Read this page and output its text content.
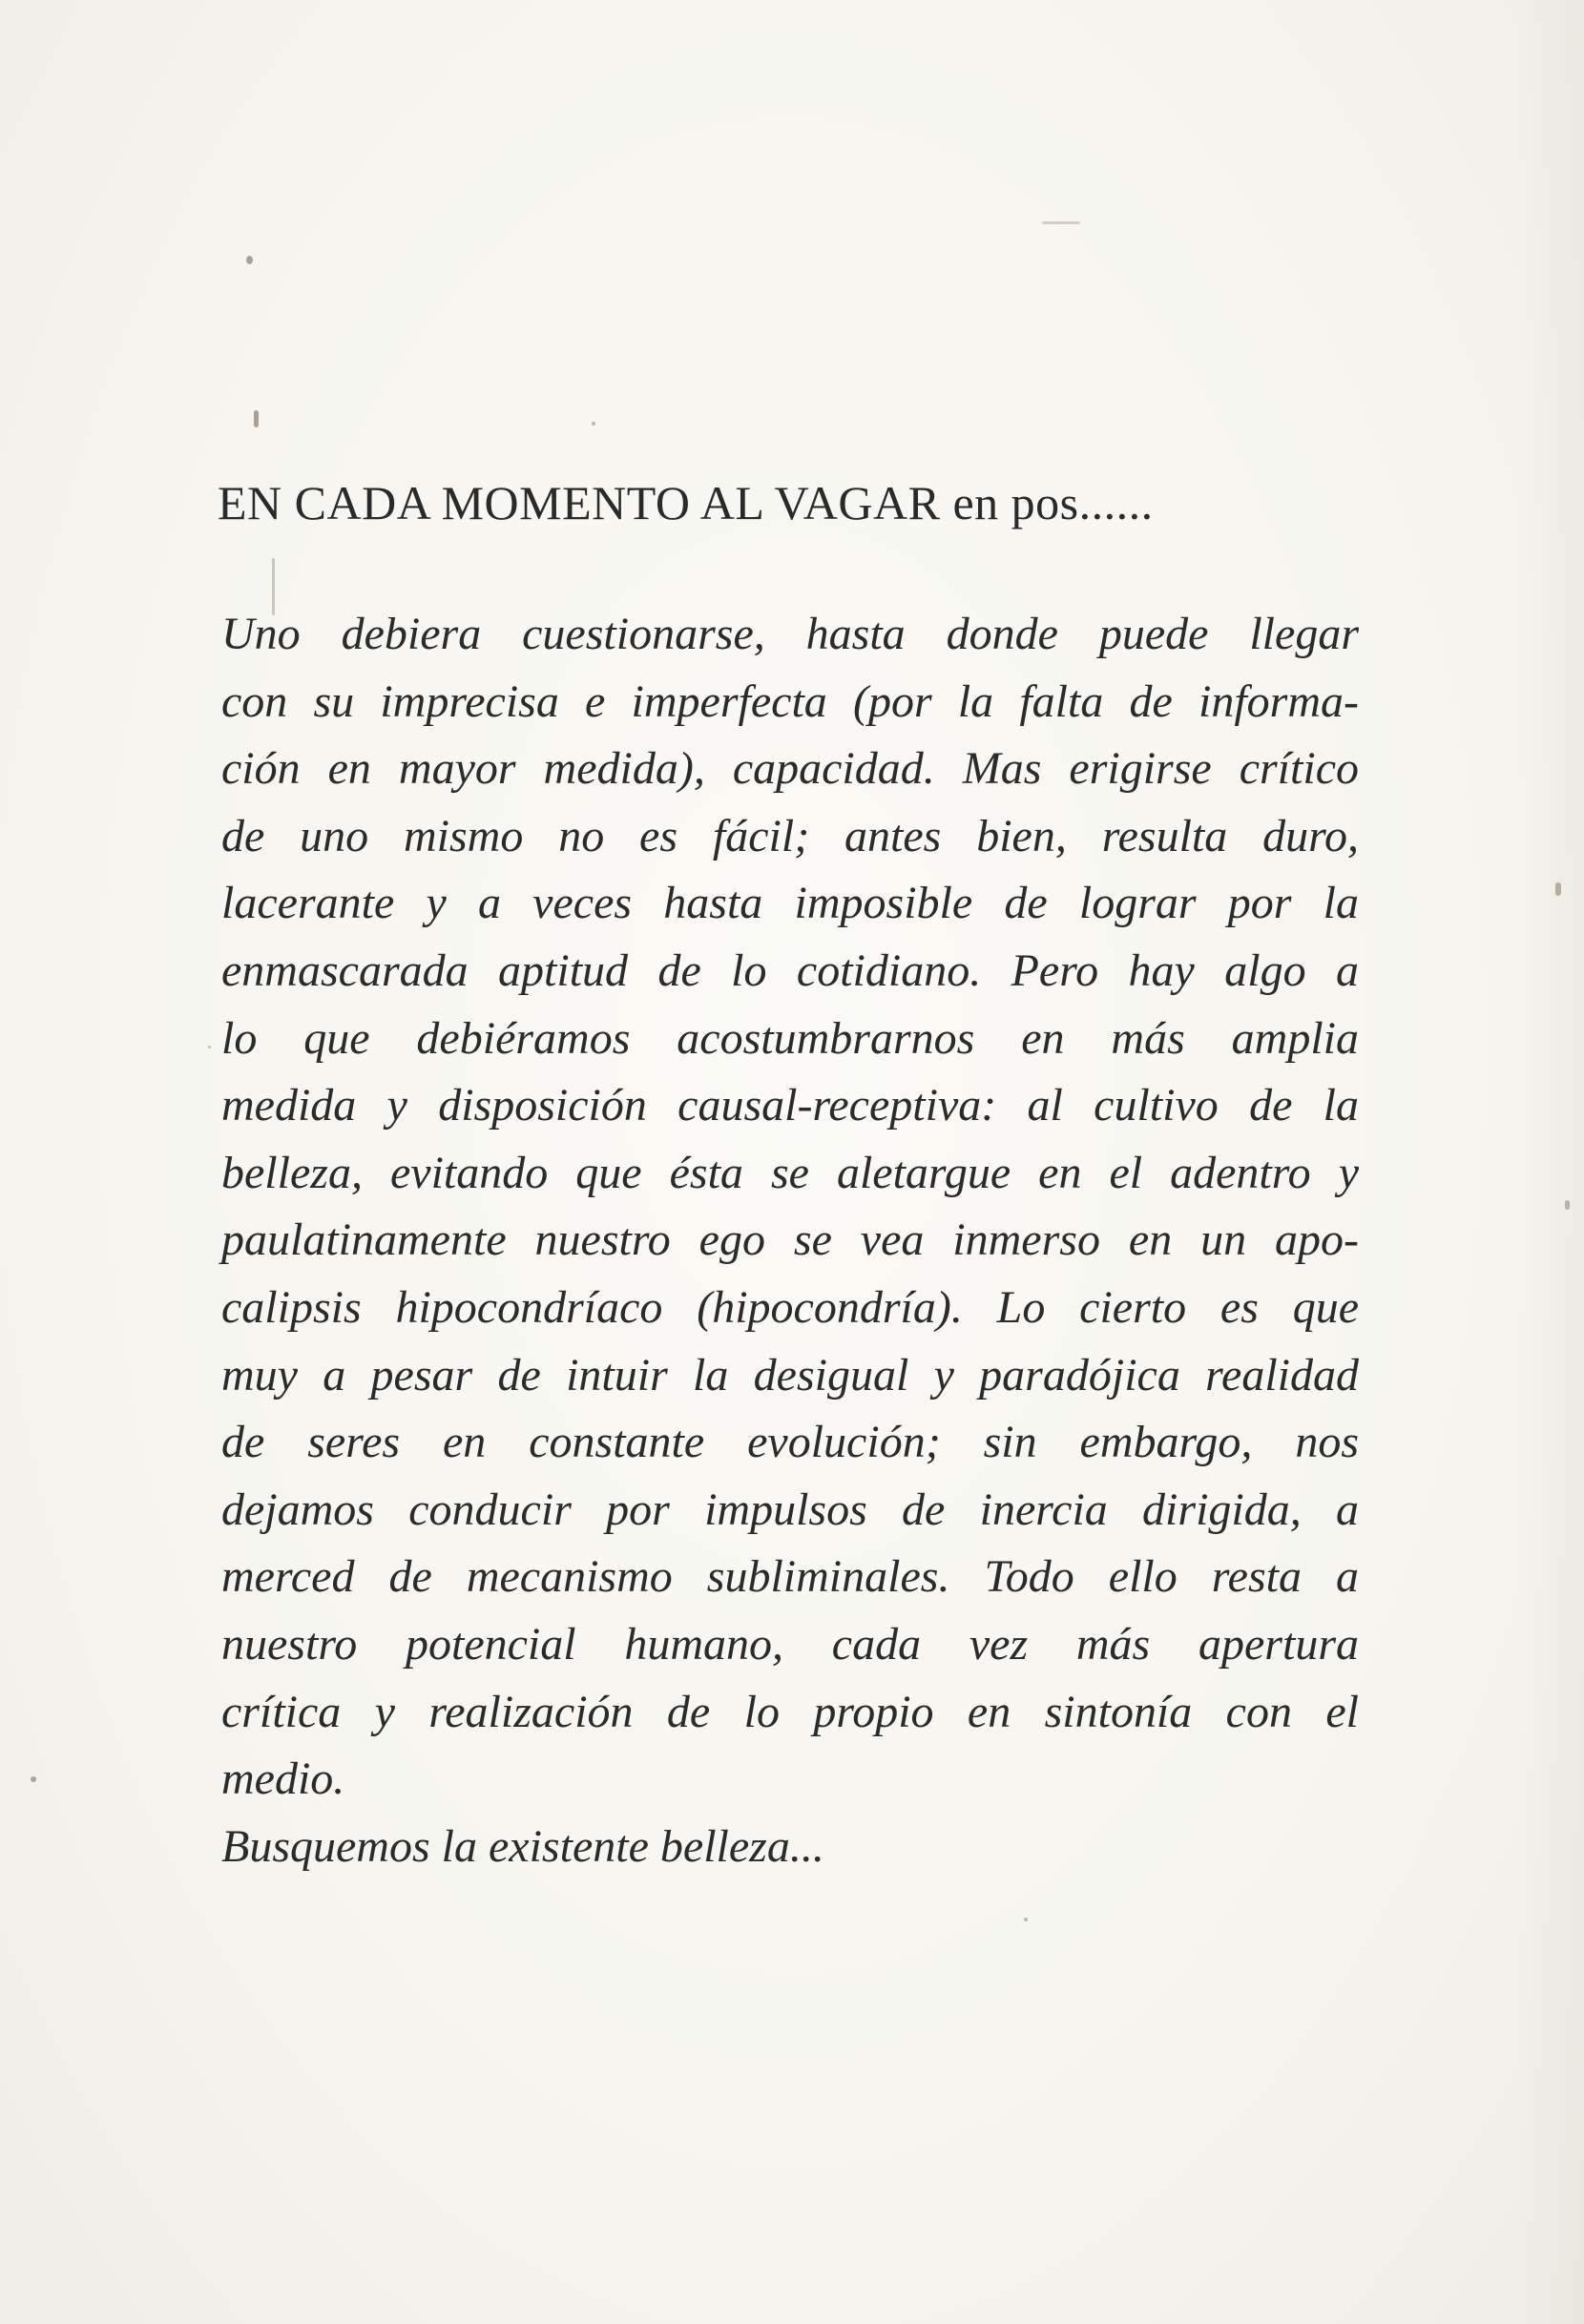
EN CADA MOMENTO AL VAGAR en pos......

Uno debiera cuestionarse, hasta donde puede llegar
con su imprecisa e imperfecta (por la falta de informa-
ción en mayor medida), capacidad. Mas erigirse crítico
de uno mismo no es fácil; antes bien, resulta duro,
lacerante y a veces hasta imposible de lograr por la
enmascarada aptitud de lo cotidiano. Pero hay algo a
lo que debiéramos acostumbrarnos en más amplia
medida y disposición causal-receptiva: al cultivo de la
belleza, evitando que ésta se aletargue en el adentro y
paulatinamente nuestro ego se vea inmerso en un apo-
calipsis hipocondríaco (hipocondría). Lo cierto es que
muy a pesar de intuir la desigual y paradójica realidad
de seres en constante evolución; sin embargo, nos
dejamos conducir por impulsos de inercia dirigida, a
merced de mecanismo subliminales. Todo ello resta a
nuestro potencial humano, cada vez más apertura
crítica y realización de lo propio en sintonía con el
medio.

Busquemos la existente belleza...
